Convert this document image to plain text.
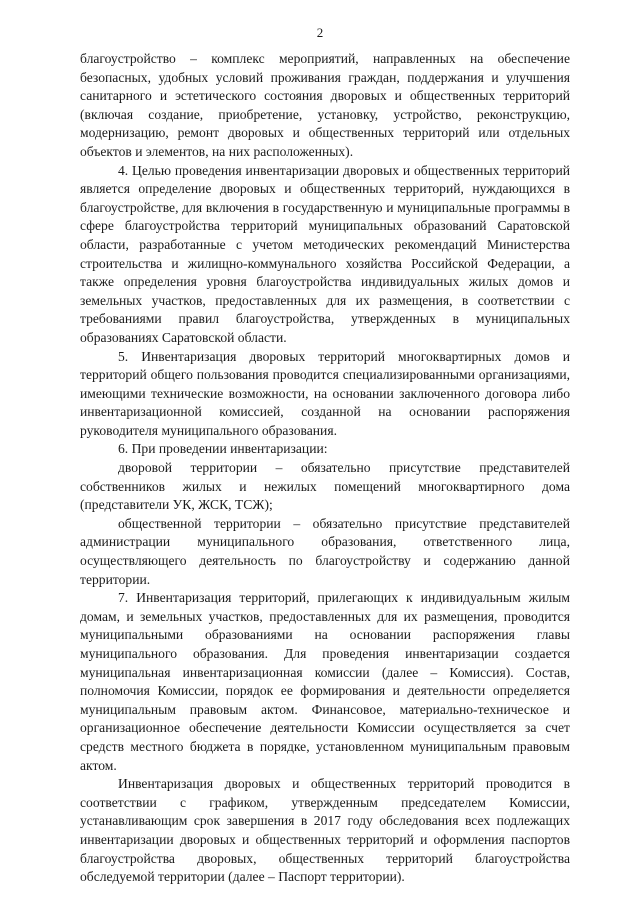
2

благоустройство – комплекс мероприятий, направленных на обеспечение безопасных, удобных условий проживания граждан, поддержания и улучшения санитарного и эстетического состояния дворовых и общественных территорий (включая создание, приобретение, установку, устройство, реконструкцию, модернизацию, ремонт дворовых и общественных территорий или отдельных объектов и элементов, на них расположенных).

4. Целью проведения инвентаризации дворовых и общественных территорий является определение дворовых и общественных территорий, нуждающихся в благоустройстве, для включения в государственную и муниципальные программы в сфере благоустройства территорий муниципальных образований Саратовской области, разработанные с учетом методических рекомендаций Министерства строительства и жилищно-коммунального хозяйства Российской Федерации, а также определения уровня благоустройства индивидуальных жилых домов и земельных участков, предоставленных для их размещения, в соответствии с требованиями правил благоустройства, утвержденных в муниципальных образованиях Саратовской области.

5. Инвентаризация дворовых территорий многоквартирных домов и территорий общего пользования проводится специализированными организациями, имеющими технические возможности, на основании заключенного договора либо инвентаризационной комиссией, созданной на основании распоряжения руководителя муниципального образования.

6. При проведении инвентаризации:

дворовой территории – обязательно присутствие представителей собственников жилых и нежилых помещений многоквартирного дома (представители УК, ЖСК, ТСЖ);

общественной территории – обязательно присутствие представителей администрации муниципального образования, ответственного лица, осуществляющего деятельность по благоустройству и содержанию данной территории.

7. Инвентаризация территорий, прилегающих к индивидуальным жилым домам, и земельных участков, предоставленных для их размещения, проводится муниципальными образованиями на основании распоряжения главы муниципального образования. Для проведения инвентаризации создается муниципальная инвентаризационная комиссии (далее – Комиссия). Состав, полномочия Комиссии, порядок ее формирования и деятельности определяется муниципальным правовым актом. Финансовое, материально-техническое и организационное обеспечение деятельности Комиссии осуществляется за счет средств местного бюджета в порядке, установленном муниципальным правовым актом.

Инвентаризация дворовых и общественных территорий проводится в соответствии с графиком, утвержденным председателем Комиссии, устанавливающим срок завершения в 2017 году обследования всех подлежащих инвентаризации дворовых и общественных территорий и оформления паспортов благоустройства дворовых, общественных территорий благоустройства обследуемой территории (далее – Паспорт территории).
